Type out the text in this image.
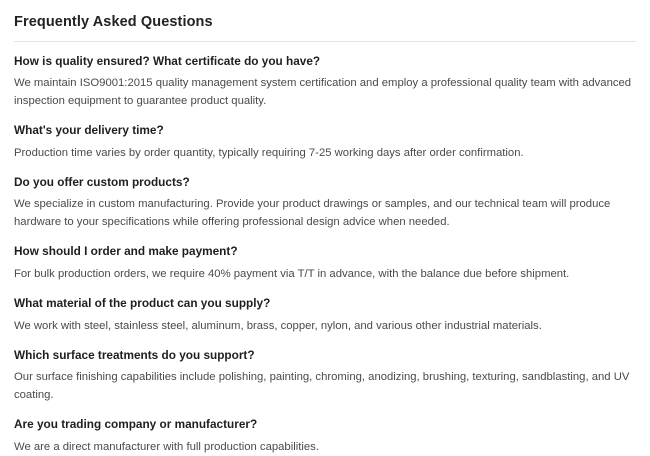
Frequently Asked Questions
How is quality ensured? What certificate do you have?
We maintain ISO9001:2015 quality management system certification and employ a professional quality team with advanced inspection equipment to guarantee product quality.
What's your delivery time?
Production time varies by order quantity, typically requiring 7-25 working days after order confirmation.
Do you offer custom products?
We specialize in custom manufacturing. Provide your product drawings or samples, and our technical team will produce hardware to your specifications while offering professional design advice when needed.
How should I order and make payment?
For bulk production orders, we require 40% payment via T/T in advance, with the balance due before shipment.
What material of the product can you supply?
We work with steel, stainless steel, aluminum, brass, copper, nylon, and various other industrial materials.
Which surface treatments do you support?
Our surface finishing capabilities include polishing, painting, chroming, anodizing, brushing, texturing, sandblasting, and UV coating.
Are you trading company or manufacturer?
We are a direct manufacturer with full production capabilities.
